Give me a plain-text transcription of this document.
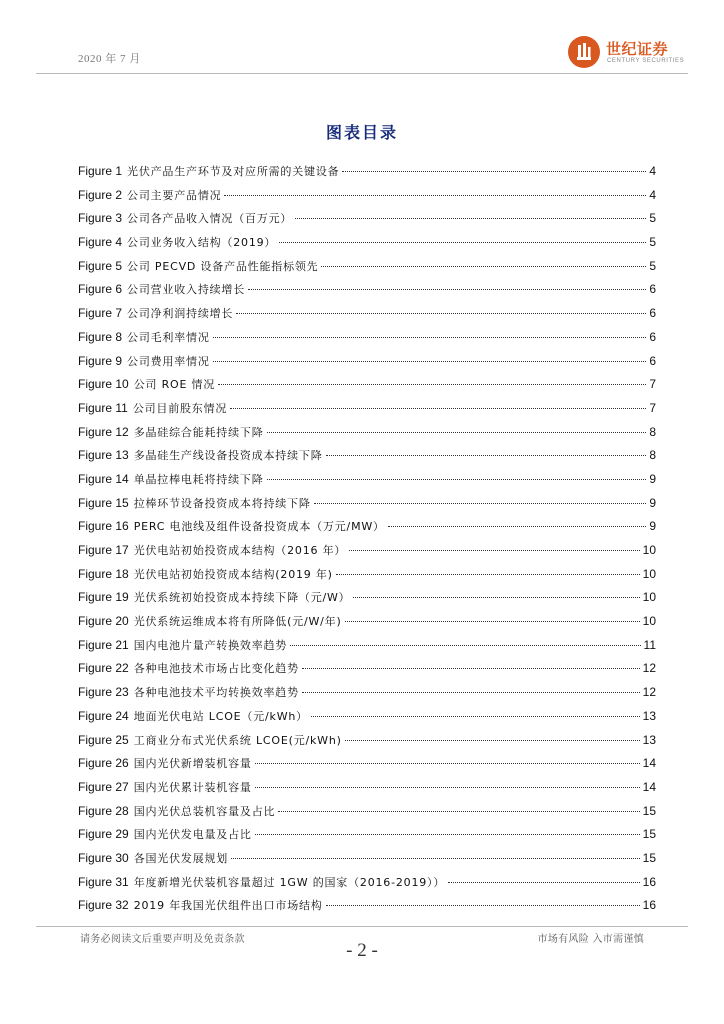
2020 年 7 月
世纪证券
CENTURY SECURITIES
图表目录
Figure 1 光伏产品生产环节及对应所需的关键设备	4
Figure 2 公司主要产品情况	4
Figure 3 公司各产品收入情况（百万元）	5
Figure 4 公司业务收入结构（2019）	5
Figure 5 公司 PECVD 设备产品性能指标领先	5
Figure 6 公司营业收入持续增长	6
Figure 7 公司净利润持续增长	6
Figure 8 公司毛利率情况	6
Figure 9 公司费用率情况	6
Figure 10 公司 ROE 情况	7
Figure 11 公司目前股东情况	7
Figure 12 多晶硅综合能耗持续下降	8
Figure 13 多晶硅生产线设备投资成本持续下降	8
Figure 14 单晶拉棒电耗将持续下降	9
Figure 15 拉棒环节设备投资成本将持续下降	9
Figure 16 PERC 电池线及组件设备投资成本（万元/MW）	9
Figure 17 光伏电站初始投资成本结构（2016 年）	10
Figure 18 光伏电站初始投资成本结构(2019 年)	10
Figure 19 光伏系统初始投资成本持续下降（元/W）	10
Figure 20 光伏系统运维成本将有所降低(元/W/年)	10
Figure 21 国内电池片量产转换效率趋势	11
Figure 22 各种电池技术市场占比变化趋势	12
Figure 23 各种电池技术平均转换效率趋势	12
Figure 24 地面光伏电站 LCOE（元/kWh）	13
Figure 25 工商业分布式光伏系统 LCOE(元/kWh)	13
Figure 26 国内光伏新增装机容量	14
Figure 27 国内光伏累计装机容量	14
Figure 28 国内光伏总装机容量及占比	15
Figure 29 国内光伏发电量及占比	15
Figure 30 各国光伏发展规划	15
Figure 31 年度新增光伏装机容量超过 1GW 的国家（2016-2019））	16
Figure 32 2019 年我国光伏组件出口市场结构	16
请务必阅读文后重要声明及免责条款	市场有风险 入市需谨慎
- 2 -
